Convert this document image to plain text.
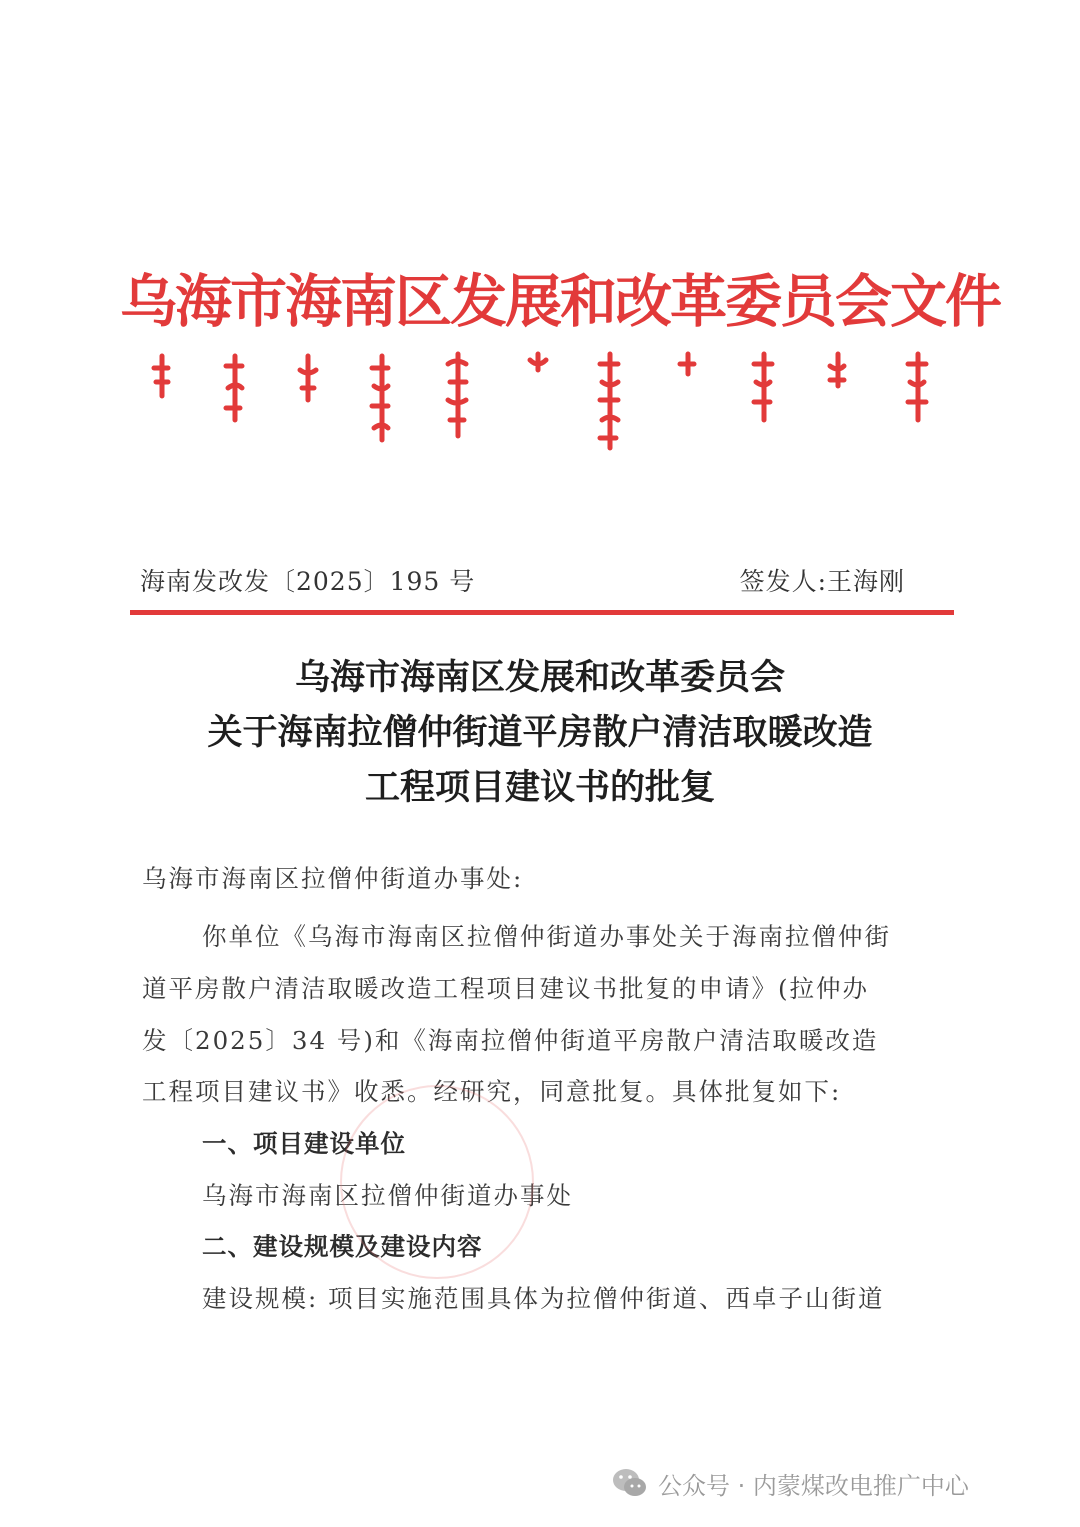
乌海市海南区发展和改革委员会文件
海南发改发〔2025〕195 号	签发人:王海刚
乌海市海南区发展和改革委员会
关于海南拉僧仲街道平房散户清洁取暖改造
工程项目建议书的批复
乌海市海南区拉僧仲街道办事处:
你单位《乌海市海南区拉僧仲街道办事处关于海南拉僧仲街
道平房散户清洁取暖改造工程项目建议书批复的申请》(拉仲办
发〔2025〕34 号)和《海南拉僧仲街道平房散户清洁取暖改造
工程项目建议书》收悉。经研究，同意批复。具体批复如下:
一、项目建设单位
乌海市海南区拉僧仲街道办事处
二、建设规模及建设内容
建设规模: 项目实施范围具体为拉僧仲街道、西卓子山街道
公众号 · 内蒙煤改电推广中心
